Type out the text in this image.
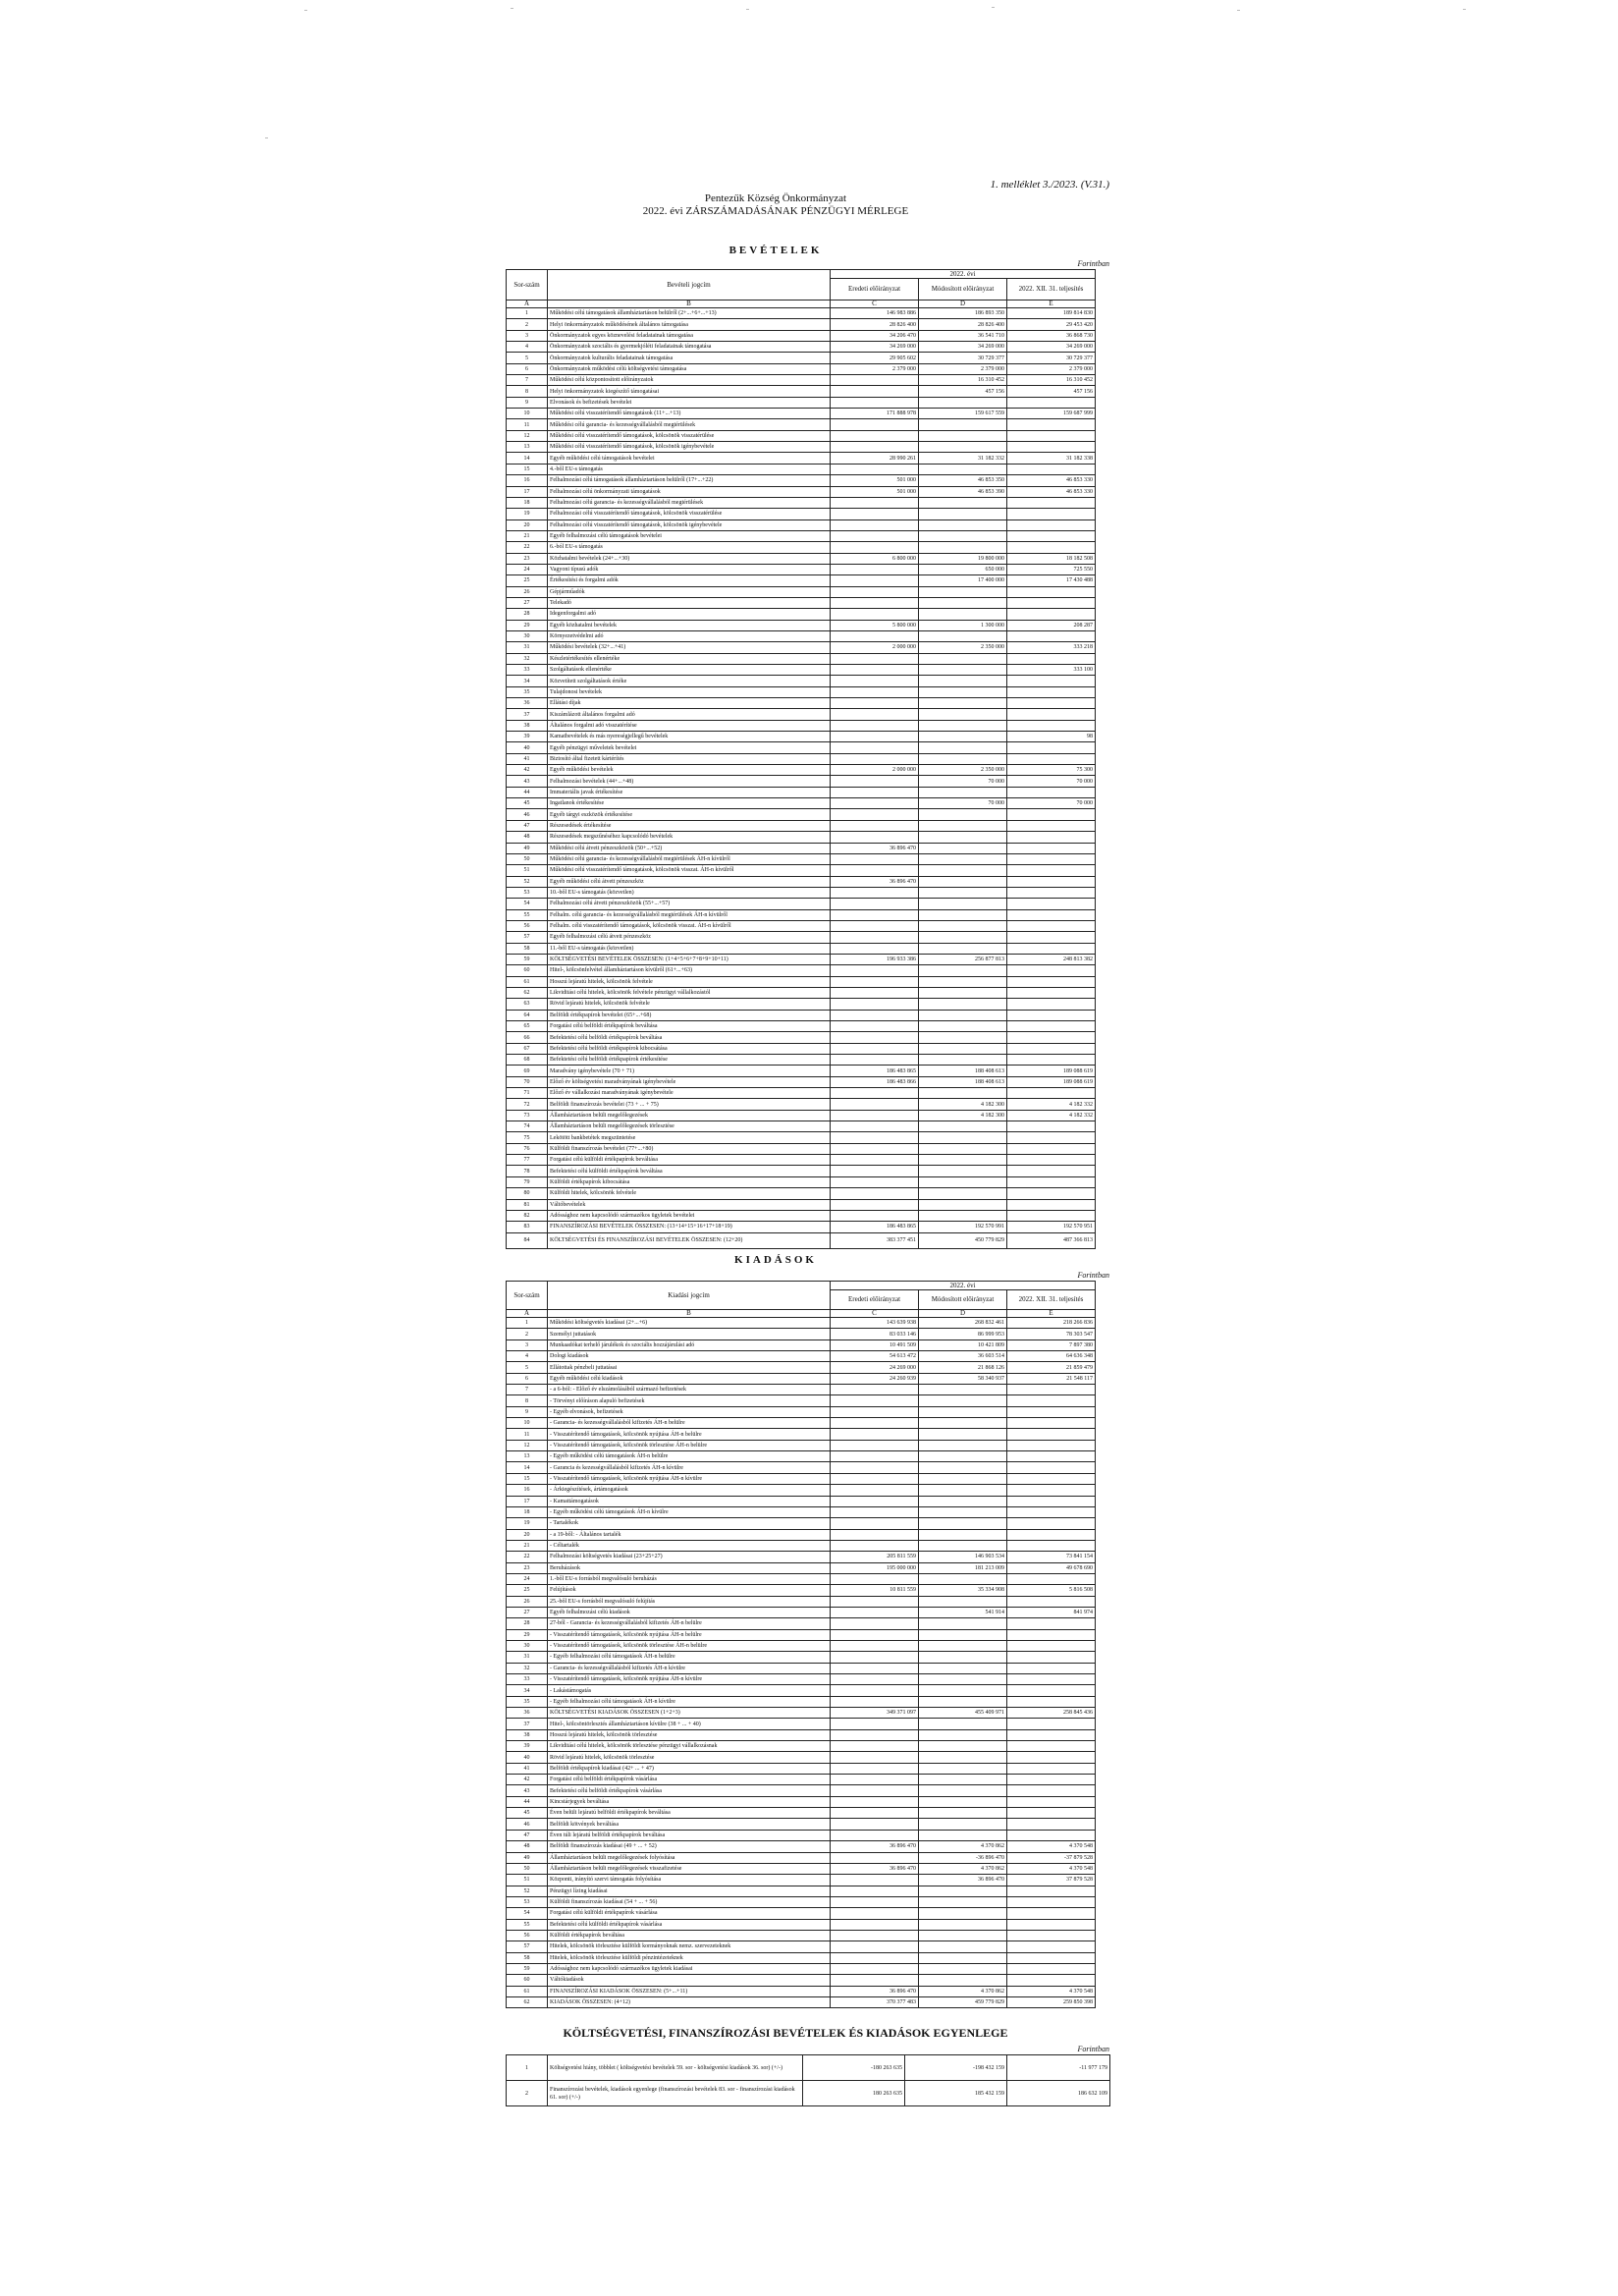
1. melléklet 3./2023. (V.31.)
Pentezűk Község Önkormányzat
2022. évi ZÁRSZÁMADÁSÁNAK PÉNZÜGYI MÉRLEGE
BEVÉTELEK
Forintban
Sor-szám	Bevételi jogcím	2022. évi		
		Eredeti előirányzat	Módosított előirányzat	2022. XII. 31. teljesítés
A	B	C	D	E
1	Működési célú támogatások államháztartáson belülről (2+...+6+...+13)	146 983 886	186 893 350	189 814 830
2	Helyi önkormányzatok működésének általános támogatása	28 826 400	28 826 400	29 453 420
3	Önkormányzatok egyes köznevelési feladatainak támogatása	34 206 470	36 541 710	36 868 730
4	Önkormányzatok szociális és gyermekjóléti feladatainak támogatása	34 269 000	34 269 000	34 269 000
5	Önkormányzatok kulturális feladatainak támogatása	29 905 602	30 729 377	30 729 377
6	Önkormányzatok működési célú költségvetési támogatása	2 379 000	2 379 000	2 379 000
7	Működési célú központosított előirányzatok		16 310 452	16 310 452
8	Helyi önkormányzatok kiegészítő támogatásai		457 156	457 156
9	Elvonások és befizetések bevételei			
10	Működési célú visszatérítendő támogatások (11+...+13)	171 888 978	159 617 559	159 687 999
11	Működési célú garancia- és kezességvállalásból megtérülések			
12	Működési célú visszatérítendő támogatások, kölcsönök visszatérülése			
13	Működési célú visszatérítendő támogatások, kölcsönök igénybevétele			
14	Egyéb működési célú támogatások bevételei	28 990 261	31 182 332	31 182 338
15	4.-ből EU-s támogatás			
16	Felhalmozási célú támogatások államháztartáson belülről (17+...+22)	501 000	46 853 350	46 853 330
17	Felhalmozási célú önkormányzati támogatások	501 000	46 853 390	46 853 330
18	Felhalmozási célú garancia- és kezességvállalásból megtérülések			
19	Felhalmozási célú visszatérítendő támogatások, kölcsönök visszatérülése			
20	Felhalmozási célú visszatérítendő támogatások, kölcsönök igénybevétele			
21	Egyéb felhalmozási célú támogatások bevételei			
22	6.-ból EU-s támogatás			
23	Közhatalmi bevételek (24+...+30)	6 800 000	19 800 000	18 182 508
24	Vagyoni típusú adók		650 000	725 550
25	Értékesítési és forgalmi adók		17 400 000	17 430 488
26	Gépjárműadók			
27	Telekadó			
28	Idegenforgalmi adó			
29	Egyéb közhatalmi bevételek	5 800 000	1 300 000	208 287
30	Környezetvédelmi adó			
31	Működési bevételek (32+...+41)	2 000 000	2 350 000	333 218
32	Készletértékesítés ellenértéke			
33	Szolgáltatások ellenértéke			333 100
34	Közvetített szolgáltatások értéke			
35	Tulajdonosi bevételek			
36	Ellátási díjak			
37	Kiszámlázott általános forgalmi adó			
38	Általános forgalmi adó visszatérítése			
39	Kamatbevételek és más nyereségjellegű bevételek			98
40	Egyéb pénzügyi műveletek bevételei			
41	Biztosító által fizetett kártérítés			
42	Egyéb működési bevételek	2 000 000	2 350 000	75 300
43	Felhalmozási bevételek (44+...+48)		70 000	70 000
44	Immateriális javak értékesítése			
45	Ingatlanok értékesítése		70 000	70 000
46	Egyéb tárgyi eszközök értékesítése			
47	Részesedések értékesítése			
48	Részesedések megszűnéséhez kapcsolódó bevételek			
49	Működési célú átvett pénzeszközök (50+...+52)	36 896 470		
50	Működési célú garancia- és kezességvállalásból megtérülések ÁH-n kívülről			
51	Működési célú visszatérítendő támogatások, kölcsönök visszat. ÁH-n kívülről			
52	Egyéb működési célú átvett pénzeszköz	36 896 470		
53	10.-ből EU-s támogatás (közvetlen)			
54	Felhalmozási célú átvett pénzeszközök (55+...+57)			
55	Felhalm. célú garancia- és kezességvállalásból megtérülések ÁH-n kívülről			
56	Felhalm. célú visszatérítendő támogatások, kölcsönök visszat. ÁH-n kívülről			
57	Egyéb felhalmozási célú átvett pénzeszköz			
58	11.-ből EU-s támogatás (közvetlen)			
59	KÖLTSÉGVETÉSI BEVÉTELEK ÖSSZESEN: (1+4+5+6+7+8+9+10+11)	196 933 386	256 877 813	248 813 382
60	Hitel-, kölcsönfelvétel államháztartáson kívülről (61+...+63)			
61	Hosszú lejáratú hitelek, kölcsönök felvétele			
62	Likviditási célú hitelek, kölcsönök felvétele pénzügyi vállalkozástól			
63	Rövid lejáratú hitelek, kölcsönök felvétele			
64	Belföldi értékpapírok bevételei (65+...+68)			
65	Forgatási célú belföldi értékpapírok beváltása			
66	Befektetési célú belföldi értékpapírok beváltása			
67	Befektetési célú belföldi értékpapírok kibocsátása			
68	Befektetési célú belföldi értékpapírok értékesítése			
69	Maradvány igénybevétele (70 + 71)	186 483 865	188 408 613	189 088 619
70	Előző év költségvetési maradványának igénybevétele	186 483 866	188 408 613	189 088 619
71	Előző év vállalkozási maradványának igénybevétele			
72	Belföldi finanszírozás bevételei (73 + ... + 75)		4 182 300	4 182 332
73	Államháztartáson belüli megelőlegezések		4 182 300	4 182 332
74	Államháztartáson belüli megelőlegezések törlesztése			
75	Lekötött bankbetétek megszüntetése			
76	Külföldi finanszírozás bevételei (77+...+80)			
77	Forgatási célú külföldi értékpapírok beváltása			
78	Befektetési célú külföldi értékpapírok beváltása			
79	Külföldi értékpapírok kibocsátása			
80	Külföldi hitelek, kölcsönök felvétele			
81	Váltóbevételek			
82	Adóssághoz nem kapcsolódó származékos ügyletek bevételei			
83	FINANSZÍROZÁSI BEVÉTELEK ÖSSZESEN: (13+14+15+16+17+18+19)	186 483 865	192 570 991	192 570 951
84	KÖLTSÉGVETÉSI ÉS FINANSZÍROZÁSI BEVÉTELEK ÖSSZESEN: (12+20)	383 377 451	450 779 829	487 366 813
KIADÁSOK
Forintban
Sor-szám	Kiadási jogcím	2022. évi		
		Eredeti előirányzat	Módosított előirányzat	2022. XII. 31. teljesítés
A	B	C	D	E
1	Működési költségvetés kiadásai (2+...+6)	143 639 938	268 832 461	218 266 836
2	Személyi juttatások	83 033 146	86 999 953	78 303 547
3	Munkaadókat terhelő járulékok és szociális hozzájárulási adó	10 491 509	10 421 809	7 897 380
4	Dologi kiadások	54 613 472	36 603 514	64 636 348
5	Ellátottak pénzbeli juttatásai	24 269 000	21 868 126	21 859 479
6	Egyéb működési célú kiadások	24 260 939	58 340 937	21 548 117
7	- a 6-ból: - Előző év elszámolásából származó befizetések			
8	- Törvényi előíráson alapuló befizetések			
9	- Egyéb elvonások, befizetések			
10	- Garancia- és kezességvállalásból kifizetés ÁH-n belülre			
11	- Visszatérítendő támogatások, kölcsönök nyújtása ÁH-n belülre			
12	- Visszatérítendő támogatások, kölcsönök törlesztése ÁH-n belülre			
13	- Egyéb működési célú támogatások ÁH-n belülre			
14	- Garancia és kezességvállalásból kifizetés ÁH-n kívülre			
15	- Visszatérítendő támogatások, kölcsönök nyújtása ÁH-n kívülre			
16	- Árkiegészítések, ártámogatások			
17	- Kamattámogatások			
18	- Egyéb működési célú támogatások ÁH-n kívülre			
19	- Tartalékok			
20	- a 19-ből: - Általános tartalék			
21	- Céltartalék			
22	Felhalmozási költségvetés kiadásai (23+25+27)	205 811 559	146 903 534	73 841 154
23	Beruházások	195 000 000	181 213 009	49 678 690
24	1.-ből EU-s forrásból megvalósuló beruházás			
25	Felújítások	10 811 559	35 334 908	5 816 508
26	25.-ből EU-s forrásból megvalósuló felújítás			
27	Egyéb felhalmozási célú kiadások		541 914	841 974
28	27-ből - Garancia- és kezességvállalásból kifizetés ÁH-n belülre			
29	- Visszatérítendő támogatások, kölcsönök nyújtása ÁH-n belülre			
30	- Visszatérítendő támogatások, kölcsönök törlesztése ÁH-n belülre			
31	- Egyéb felhalmozási célú támogatások ÁH-n belülre			
32	- Garancia- és kezességvállalásból kifizetés ÁH-n kívülre			
33	- Visszatérítendő támogatások, kölcsönök nyújtása ÁH-n kívülre			
34	- Lakástámogatás			
35	- Egyéb felhalmozási célú támogatások ÁH-n kívülre			
36	KÖLTSÉGVETÉSI KIADÁSOK ÖSSZESEN (1+2+3)	349 371 097	455 409 971	258 845 436
37	Hitel-, kölcsöntörlesztés államháztartáson kívülre (38 + ... + 40)			
38	Hosszú lejáratú hitelek, kölcsönök törlesztése			
39	Likviditási célú hitelek, kölcsönök törlesztése pénzügyi vállalkozásnak			
40	Rövid lejáratú hitelek, kölcsönök törlesztése			
41	Belföldi értékpapírok kiadásai (42+ ... + 47)			
42	Forgatási célú belföldi értékpapírok vásárlása			
43	Befektetési célú belföldi értékpapírok vásárlása			
44	Kincstárjegyek beváltása			
45	Éven belüli lejáratú belföldi értékpapírok beváltása			
46	Belföldi kötvények beváltása			
47	Éven túli lejáratú belföldi értékpapírok beváltása			
48	Belföldi finanszírozás kiadásai (49 + ... + 52)	36 896 470	4 370 862	4 370 548
49	Államháztartáson belüli megelőlegezések folyósítása		-36 896 470	-37 879 528
50	Államháztartáson belüli megelőlegezések visszafizetése	36 896 470	4 370 862	4 370 548
51	Központi, irányító szervi támogatás folyósítása		36 896 470	37 879 528
52	Pénzügyi lízing kiadásai			
53	Külföldi finanszírozás kiadásai (54 + ... + 56)			
54	Forgatási célú külföldi értékpapírok vásárlása			
55	Befektetési célú külföldi értékpapírok vásárlása			
56	Külföldi értékpapírok beváltása			
57	Hitelek, kölcsönök törlesztése külföldi kormányoknak nemz. szervezeteknek			
58	Hitelek, kölcsönök törlesztése külföldi pénzintézeteknek			
59	Adóssághoz nem kapcsolódó származékos ügyletek kiadásai			
60	Váltókiadások			
61	FINANSZÍROZÁSI KIADÁSOK ÖSSZESEN: (5+...+11)	36 896 470	4 370 862	4 370 548
62	KIADÁSOK ÖSSZESEN: (4+12)	370 377 483	459 779 829	259 850 398
KÖLTSÉGVETÉSI, FINANSZÍROZÁSI BEVÉTELEK ÉS KIADÁSOK EGYENLEGE
Forintban
1	Költségvetési hiány, többlet ( költségvetési bevételek 59. sor - költségvetési kiadások 36. sor) (+/-)	-180 263 635	-198 432 159	-11 977 179
2	Finanszírozási bevételek, kiadások egyenlege (finanszírozási bevételek 83. sor - finanszírozási kiadások 61. sor) (+/-)	180 263 635	185 432 159	186 632 109
